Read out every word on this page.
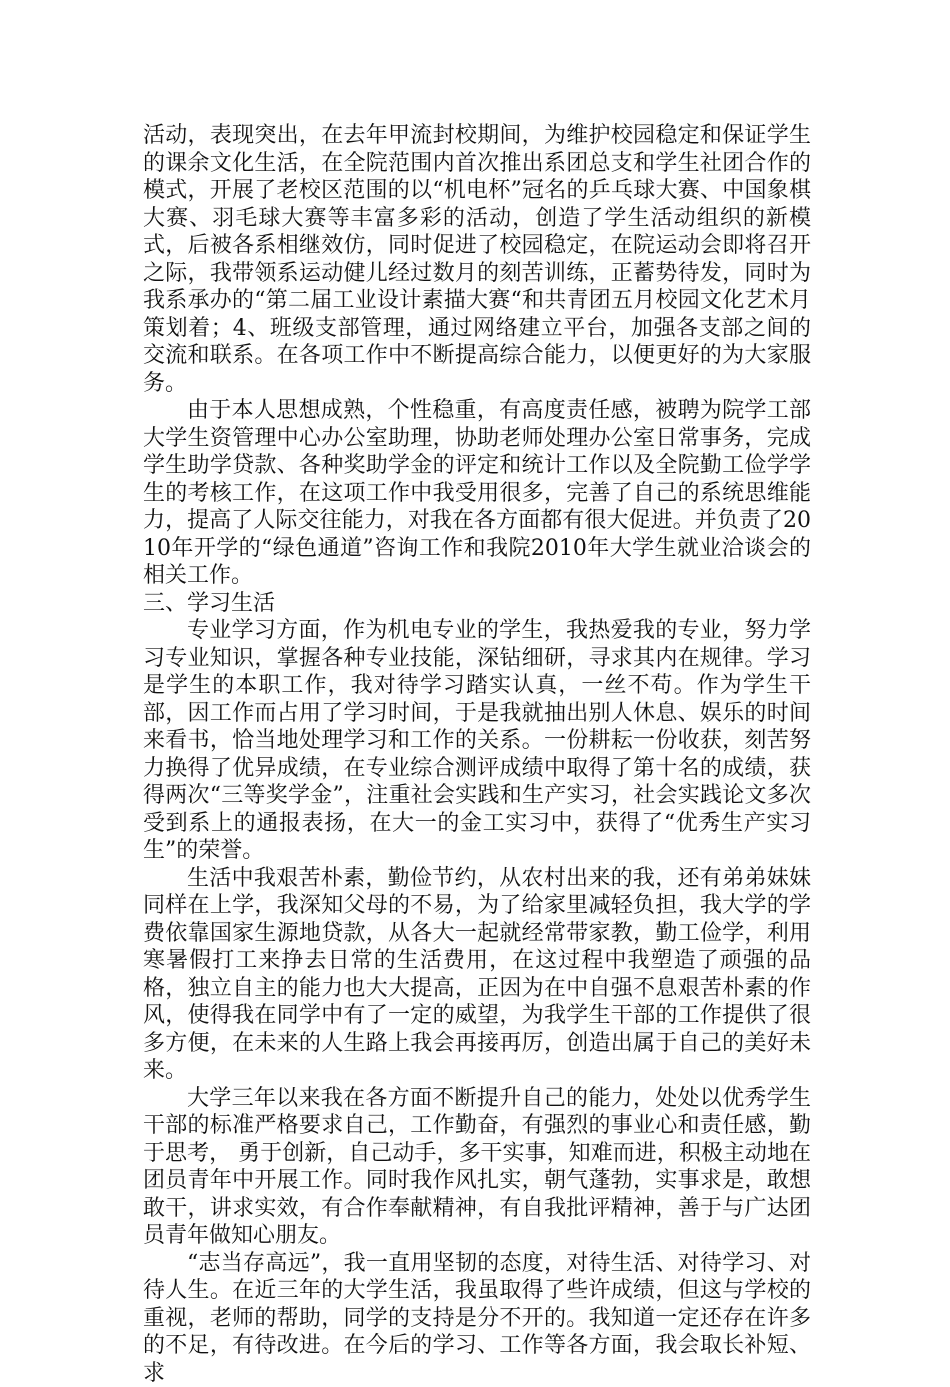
活动，表现突出，在去年甲流封校期间，为维护校园稳定和保证学生的课余文化生活，在全院范围内首次推出系团总支和学生社团合作的模式，开展了老校区范围的以“机电杯”冠名的乒乓球大赛、中国象棋大赛、羽毛球大赛等丰富多彩的活动，创造了学生活动组织的新模式，后被各系相继效仿，同时促进了校园稳定，在院运动会即将召开之际，我带领系运动健儿经过数月的刻苦训练，正蓄势待发，同时为我系承办的“第二届工业设计素描大赛“和共青团五月校园文化艺术月策划着；4、班级支部管理，通过网络建立平台，加强各支部之间的交流和联系。在各项工作中不断提高综合能力，以便更好的为大家服务。

由于本人思想成熟，个性稳重，有高度责任感，被聘为院学工部大学生资管理中心办公室助理，协助老师处理办公室日常事务，完成学生助学贷款、各种奖助学金的评定和统计工作以及全院勤工俭学学生的考核工作，在这项工作中我受用很多，完善了自己的系统思维能力，提高了人际交往能力，对我在各方面都有很大促进。并负责了2010年开学的“绿色通道”咨询工作和我院2010年大学生就业洽谈会的相关工作。

三、学习生活

专业学习方面，作为机电专业的学生，我热爱我的专业，努力学习专业知识，掌握各种专业技能，深钻细研，寻求其内在规律。学习是学生的本职工作，我对待学习踏实认真，一丝不苟。作为学生干部，因工作而占用了学习时间，于是我就抽出别人休息、娱乐的时间来看书，恰当地处理学习和工作的关系。一份耕耘一份收获，刻苦努力换得了优异成绩，在专业综合测评成绩中取得了第十名的成绩，获得两次“三等奖学金”，注重社会实践和生产实习，社会实践论文多次受到系上的通报表扬，在大一的金工实习中，获得了“优秀生产实习生”的荣誉。

生活中我艰苦朴素，勤俭节约，从农村出来的我，还有弟弟妹妹同样在上学，我深知父母的不易，为了给家里减轻负担，我大学的学费依靠国家生源地贷款，从各大一起就经常带家教，勤工俭学，利用寒暑假打工来挣去日常的生活费用，在这过程中我塑造了顽强的品格，独立自主的能力也大大提高，正因为在中自强不息艰苦朴素的作风，使得我在同学中有了一定的威望，为我学生干部的工作提供了很多方便，在未来的人生路上我会再接再厉，创造出属于自己的美好未来。

大学三年以来我在各方面不断提升自己的能力，处处以优秀学生干部的标准严格要求自己，工作勤奋，有强烈的事业心和责任感，勤于思考， 勇于创新，自己动手，多干实事，知难而进，积极主动地在团员青年中开展工作。同时我作风扎实，朝气蓬勃，实事求是，敢想敢干，讲求实效，有合作奉献精神，有自我批评精神，善于与广达团员青年做知心朋友。

“志当存高远”，我一直用坚韧的态度，对待生活、对待学习、对待人生。在近三年的大学生活，我虽取得了些许成绩，但这与学校的重视，老师的帮助，同学的支持是分不开的。我知道一定还存在许多的不足，有待改进。在今后的学习、工作等各方面，我会取长补短、求
